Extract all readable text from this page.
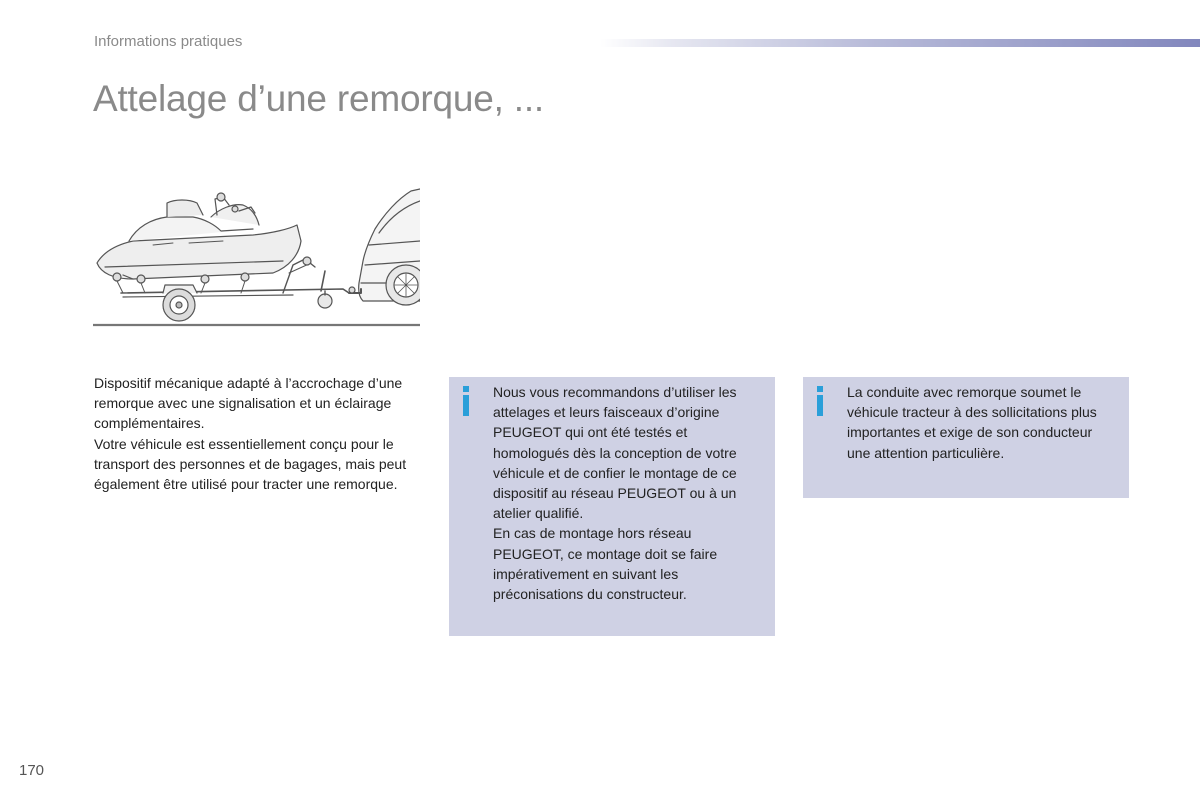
Informations pratiques
Attelage d’une remorque, ...

Dispositif mécanique adapté à l’accrochage d’une remorque avec une signalisation et un éclairage complémentaires.

Votre véhicule est essentiellement conçu pour le transport des personnes et de bagages, mais peut également être utilisé pour tracter une remorque.

Nous vous recommandons d’utiliser les attelages et leurs faisceaux d’origine PEUGEOT qui ont été testés et homologués dès la conception de votre véhicule et de confier le montage de ce dispositif au réseau PEUGEOT ou à un atelier qualifié.

En cas de montage hors réseau PEUGEOT, ce montage doit se faire impérativement en suivant les préconisations du constructeur.

La conduite avec remorque soumet le véhicule tracteur à des sollicitations plus importantes et exige de son conducteur une attention particulière.

170
